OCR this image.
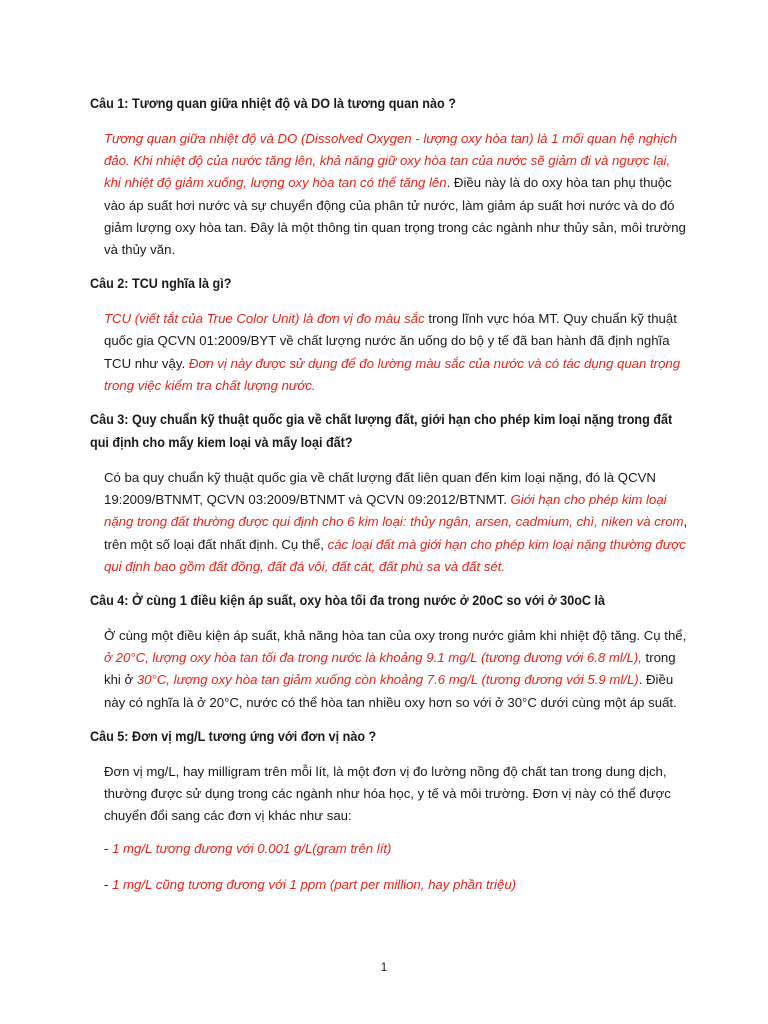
Câu 1: Tương quan giữa nhiệt độ và DO là tương quan nào ?

Tương quan giữa nhiệt độ và DO (Dissolved Oxygen - lượng oxy hòa tan) là 1 mối quan hệ nghịch đảo. Khi nhiệt độ của nước tăng lên, khả năng giữ oxy hòa tan của nước sẽ giảm đi và ngược lại, khi nhiệt độ giảm xuống, lượng oxy hòa tan có thể tăng lên. Điều này là do oxy hòa tan phụ thuộc vào áp suất hơi nước và sự chuyển động của phân tử nước, làm giảm áp suất hơi nước và do đó giảm lượng oxy hòa tan. Đây là một thông tin quan trọng trong các ngành như thủy sản, môi trường và thủy văn.

Câu 2: TCU nghĩa là gì?

TCU (viết tắt của True Color Unit) là đơn vị đo màu sắc trong lĩnh vực hóa MT. Quy chuẩn kỹ thuật quốc gia QCVN 01:2009/BYT về chất lượng nước ăn uống do bộ y tế đã ban hành đã định nghĩa TCU như vậy. Đơn vị này được sử dụng để đo lường màu sắc của nước và có tác dụng quan trọng trong việc kiểm tra chất lượng nước.

Câu 3: Quy chuẩn kỹ thuật quốc gia về chất lượng đất, giới hạn cho phép kim loại nặng trong đất qui định cho mấy kiem loại và mấy loại đất?

Có ba quy chuẩn kỹ thuật quốc gia về chất lượng đất liên quan đến kim loại nặng, đó là QCVN 19:2009/BTNMT, QCVN 03:2009/BTNMT và QCVN 09:2012/BTNMT. Giới hạn cho phép kim loại nặng trong đất thường được qui định cho 6 kim loại: thủy ngân, arsen, cadmium, chì, niken và crom, trên một số loại đất nhất định. Cụ thể, các loại đất mà giới hạn cho phép kim loại nặng thường được qui định bao gồm đất đồng, đất đá vôi, đất cát, đất phù sa và đất sét.

Câu 4: Ở cùng 1 điều kiện áp suất, oxy hòa tối đa trong nước ở 20oC so với ở 30oC là

Ở cùng một điều kiện áp suất, khả năng hòa tan của oxy trong nước giảm khi nhiệt độ tăng. Cụ thể, ở 20°C, lượng oxy hòa tan tối đa trong nước là khoảng 9.1 mg/L (tương đương với 6.8 ml/L), trong khi ở 30°C, lượng oxy hòa tan giảm xuống còn khoảng 7.6 mg/L (tương đương với 5.9 ml/L). Điều này có nghĩa là ở 20°C, nước có thể hòa tan nhiều oxy hơn so với ở 30°C dưới cùng một áp suất.

Câu 5: Đơn vị mg/L tương ứng với đơn vị nào ?

Đơn vị mg/L, hay milligram trên mỗi lít, là một đơn vị đo lường nồng độ chất tan trong dung dịch, thường được sử dụng trong các ngành như hóa học, y tế và môi trường. Đơn vị này có thể được chuyển đổi sang các đơn vị khác như sau:

- 1 mg/L tương đương với 0.001 g/L(gram trên lít)

- 1 mg/L cũng tương đương với 1 ppm (part per million, hay phần triệu)

1
